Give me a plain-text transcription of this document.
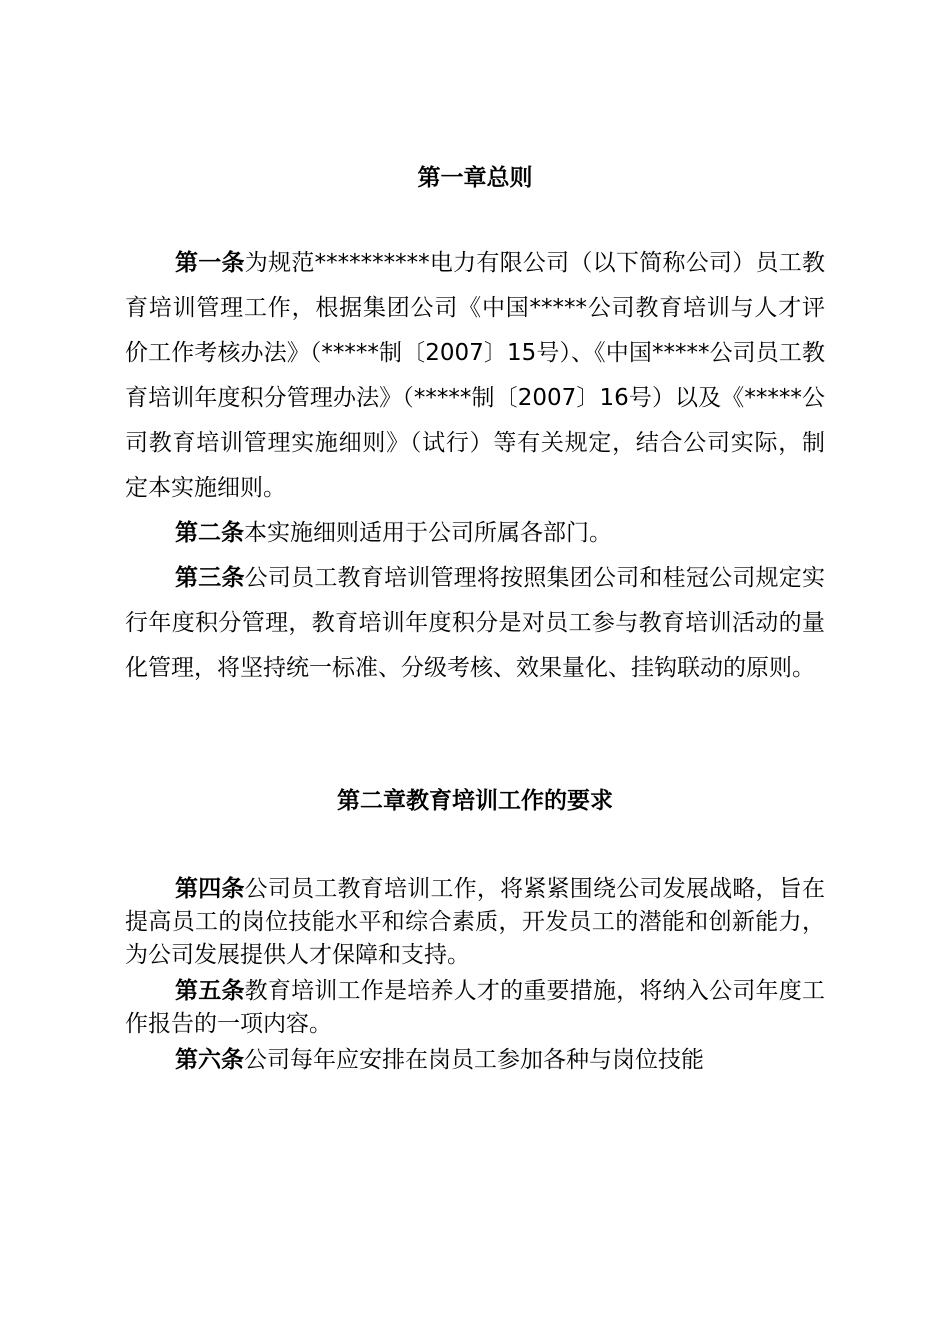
第一章总则

第一条为规范**********电力有限公司（以下简称公司）员工教育培训管理工作，根据集团公司《中国*****公司教育培训与人才评价工作考核办法》（*****制〔2007〕15号）、《中国*****公司员工教育培训年度积分管理办法》（*****制〔2007〕16号）以及《*****公司教育培训管理实施细则》（试行）等有关规定，结合公司实际，制定本实施细则。

第二条本实施细则适用于公司所属各部门。

第三条公司员工教育培训管理将按照集团公司和桂冠公司规定实行年度积分管理，教育培训年度积分是对员工参与教育培训活动的量化管理，将坚持统一标准、分级考核、效果量化、挂钩联动的原则。

第二章教育培训工作的要求

第四条公司员工教育培训工作，将紧紧围绕公司发展战略，旨在提高员工的岗位技能水平和综合素质，开发员工的潜能和创新能力，为公司发展提供人才保障和支持。

第五条教育培训工作是培养人才的重要措施，将纳入公司年度工作报告的一项内容。

第六条公司每年应安排在岗员工参加各种与岗位技能
